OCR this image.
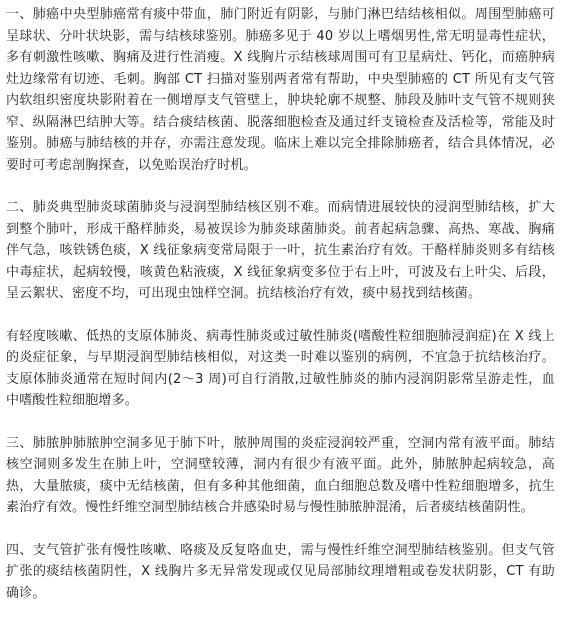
一、肺癌中央型肺癌常有痰中带血，肺门附近有阴影，与肺门淋巴结结核相似。周围型肺癌可呈球状、分叶状块影，需与结核球鉴别。肺癌多见于 40 岁以上嗜烟男性,常无明显毒性症状，多有刺激性咳嗽、胸痛及进行性消瘦。X 线胸片示结核球周围可有卫星病灶、钙化，而癌肿病灶边缘常有切迹、毛刺。胸部 CT 扫描对鉴别两者常有帮助，中央型肺癌的 CT 所见有支气管内软组织密度块影附着在一侧增厚支气管壁上，肿块轮廓不规整、肺段及肺叶支气管不规则狭窄、纵隔淋巴结肿大等。结合痰结核菌、脱落细胞检查及通过纤支镜检查及活检等，常能及时鉴别。肺癌与肺结核的并存，亦需注意发现。临床上难以完全排除肺癌者，结合具体情况，必要时可考虑剖胸探查，以免贻误治疗时机。

二、肺炎典型肺炎球菌肺炎与浸润型肺结核区别不难。而病情进展较快的浸润型肺结核，扩大到整个肺叶，形成干酪样肺炎，易被误诊为肺炎球菌肺炎。前者起病急骤、高热、寒战、胸痛伴气急，咳铁锈色痰，X 线征象病变常局限于一叶，抗生素治疗有效。干酪样肺炎则多有结核中毒症状，起病较慢，咳黄色粘液痰，X 线征象病变多位于右上叶，可波及右上叶尖、后段，呈云絮状、密度不均，可出现虫蚀样空洞。抗结核治疗有效，痰中易找到结核菌。

有轻度咳嗽、低热的支原体肺炎、病毒性肺炎或过敏性肺炎(嗜酸性粒细胞肺浸润症)在 X 线上的炎症征象，与早期浸润型肺结核相似，对这类一时难以鉴别的病例，不宜急于抗结核治疗。支原体肺炎通常在短时间内(2～3 周)可自行消散,过敏性肺炎的肺内浸润阴影常呈游走性，血中嗜酸性粒细胞增多。

三、肺脓肿肺脓肿空洞多见于肺下叶，脓肿周围的炎症浸润较严重，空洞内常有液平面。肺结核空洞则多发生在肺上叶，空洞壁较薄，洞内有很少有液平面。此外，肺脓肿起病较急，高热，大量脓痰，痰中无结核菌，但有多种其他细菌，血白细胞总数及嗜中性粒细胞增多，抗生素治疗有效。慢性纤维空洞型肺结核合并感染时易与慢性肺脓肿混淆，后者痰结核菌阴性。

四、支气管扩张有慢性咳嗽、咯痰及反复咯血史，需与慢性纤维空洞型肺结核鉴别。但支气管扩张的痰结核菌阴性，X 线胸片多无异常发现或仅见局部肺纹理增粗或卷发状阴影，CT 有助确诊。
